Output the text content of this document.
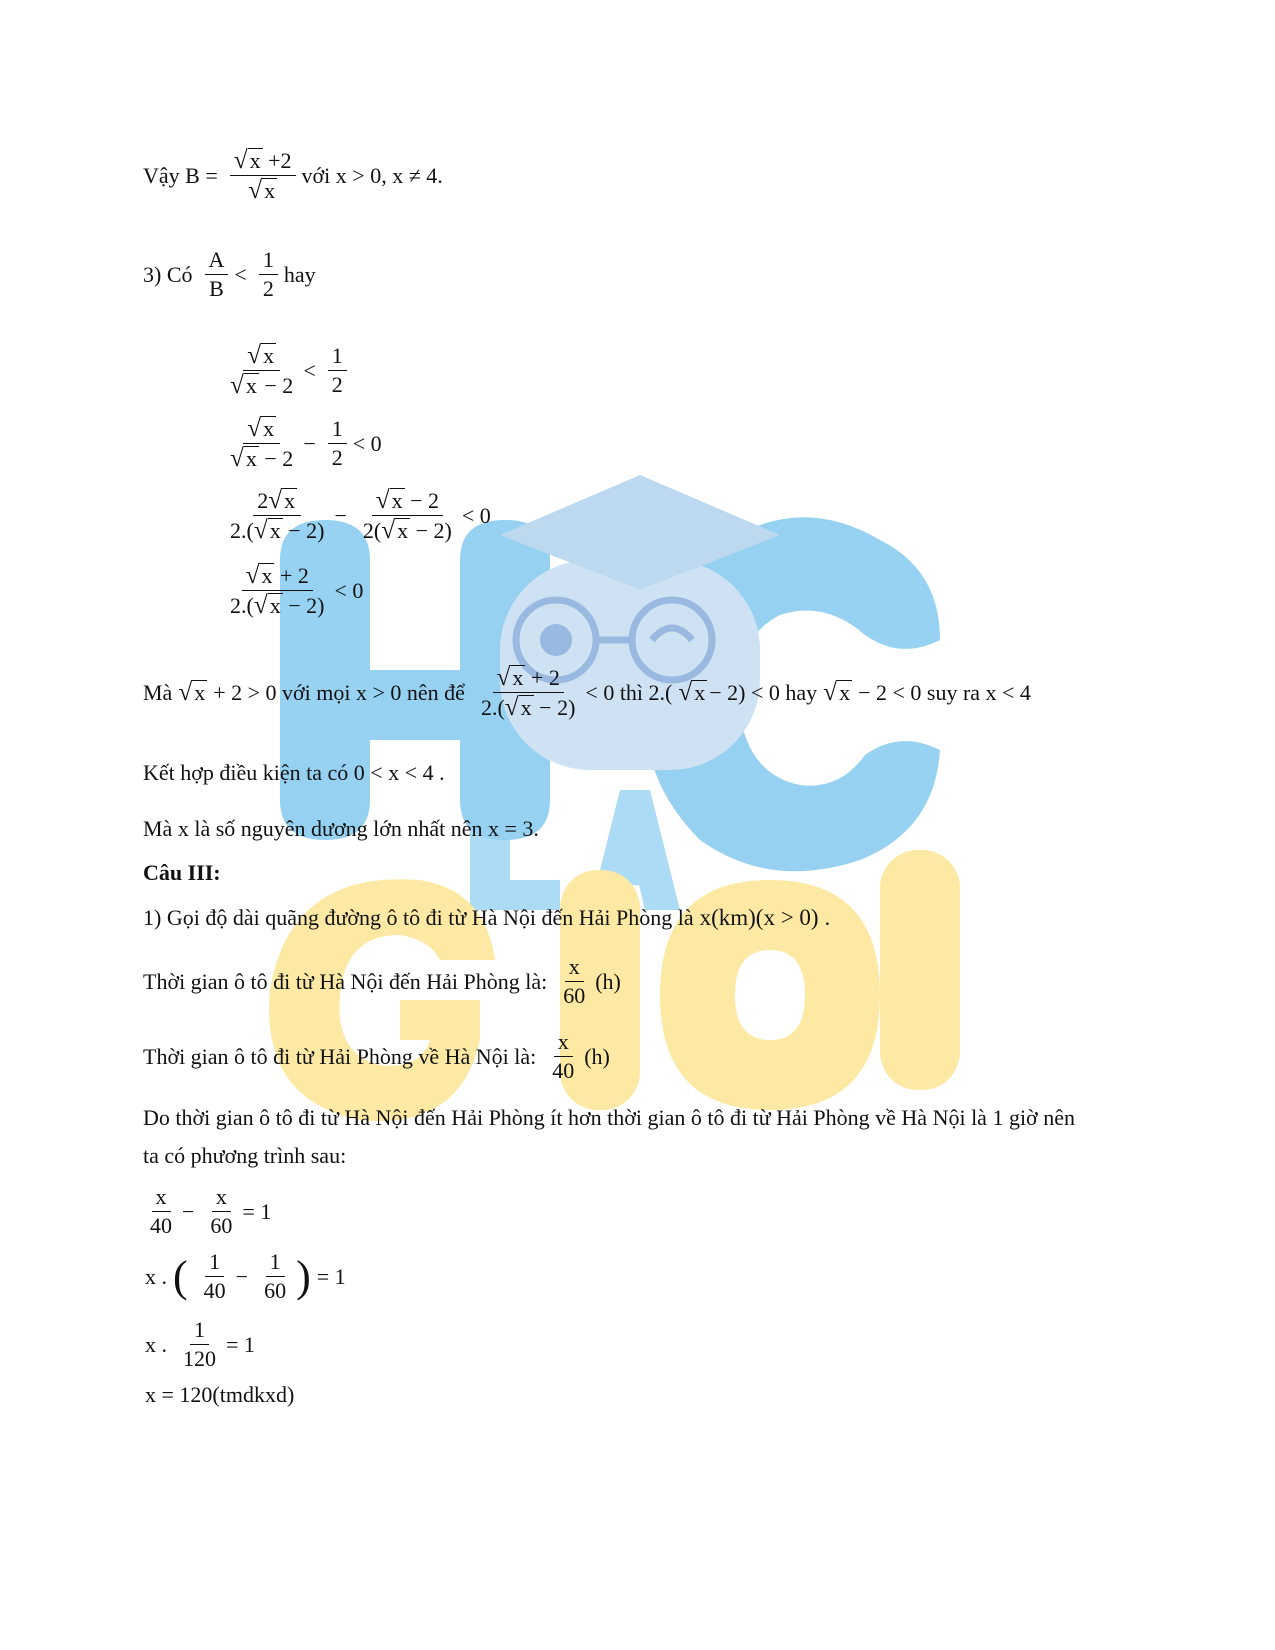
Vậy $B = \frac{√ x +2}{√ x}$ với x > 0, x ≠ 4.
3) Có $\frac{A}{B} < \frac{1}{2}$ hay
$\frac{√ x}{√ x - 2} < \frac{1}{2}$
$\frac{√ x}{√ x - 2} - \frac{1}{2} < 0$
$\frac{2 √ x}{2.( √ x - 2)} - \frac{√ x - 2}{2( √ x - 2)} < 0$
$\frac{√ x + 2}{2.( √ x - 2)} < 0$
Mà √ x + 2 > 0 với mọi x > 0 nên để $\frac{√ x + 2}{2.( √ x - 2)} < 0$ thì 2.( √ x − 2) < 0 hay √ x − 2 < 0 suy ra x < 4
Kết hợp điều kiện ta có 0 < x < 4 .
Mà x là số nguyên dương lớn nhất nên x = 3.
Câu III:
1) Gọi độ dài quãng đường ô tô đi từ Hà Nội đến Hải Phòng là x(km)(x > 0) .
Thời gian ô tô đi từ Hà Nội đến Hải Phòng là: $\frac{x}{60} (h)$
Thời gian ô tô đi từ Hải Phòng về Hà Nội là: $\frac{x}{40} (h)$
Do thời gian ô tô đi từ Hà Nội đến Hải Phòng ít hơn thời gian ô tô đi từ Hải Phòng về Hà Nội là 1 giờ nên
ta có phương trình sau:
$\frac{x}{40} - \frac{x}{60} = 1$
x . ( $\frac{1}{40} - \frac{1}{60}$ ) = 1
x . $\frac{1}{120} = 1$
x = 120(tmdkxd)
